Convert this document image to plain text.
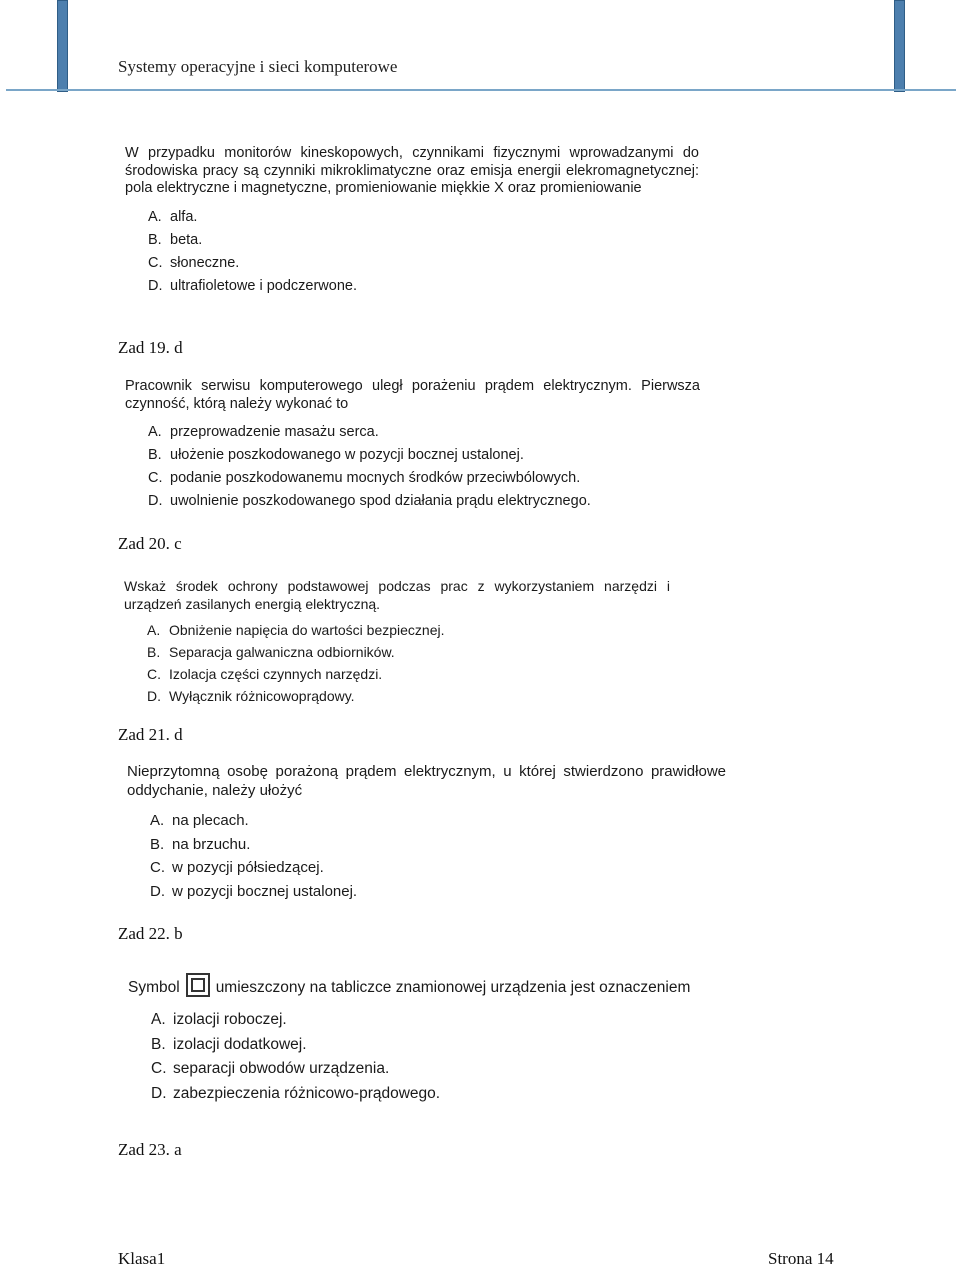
Systemy operacyjne i sieci komputerowe
W przypadku monitorów kineskopowych, czynnikami fizycznymi wprowadzanymi do środowiska pracy są czynniki mikroklimatyczne oraz emisja energii elekromagnetycznej: pola elektryczne i magnetyczne, promieniowanie miękkie X oraz promieniowanie
A. alfa.
B. beta.
C. słoneczne.
D. ultrafioletowe i podczerwone.
Zad 19. d
Pracownik serwisu komputerowego uległ porażeniu prądem elektrycznym. Pierwsza czynność, którą należy wykonać to
A. przeprowadzenie masażu serca.
B. ułożenie poszkodowanego w pozycji bocznej ustalonej.
C. podanie poszkodowanemu mocnych środków przeciwbólowych.
D. uwolnienie poszkodowanego spod działania prądu elektrycznego.
Zad 20. c
Wskaż środek ochrony podstawowej podczas prac z wykorzystaniem narzędzi i urządzeń zasilanych energią elektryczną.
A. Obniżenie napięcia do wartości bezpiecznej.
B. Separacja galwaniczna odbiorników.
C. Izolacja części czynnych narzędzi.
D. Wyłącznik różnicowoprądowy.
Zad 21. d
Nieprzytomną osobę porażoną prądem elektrycznym, u której stwierdzono prawidłowe oddychanie, należy ułożyć
A. na plecach.
B. na brzuchu.
C. w pozycji półsiedzącej.
D. w pozycji bocznej ustalonej.
Zad 22. b
Symbol umieszczony na tabliczce znamionowej urządzenia jest oznaczeniem
A. izolacji roboczej.
B. izolacji dodatkowej.
C. separacji obwodów urządzenia.
D. zabezpieczenia różnicowo-prądowego.
Zad 23. a
Klasa1	Strona 14
